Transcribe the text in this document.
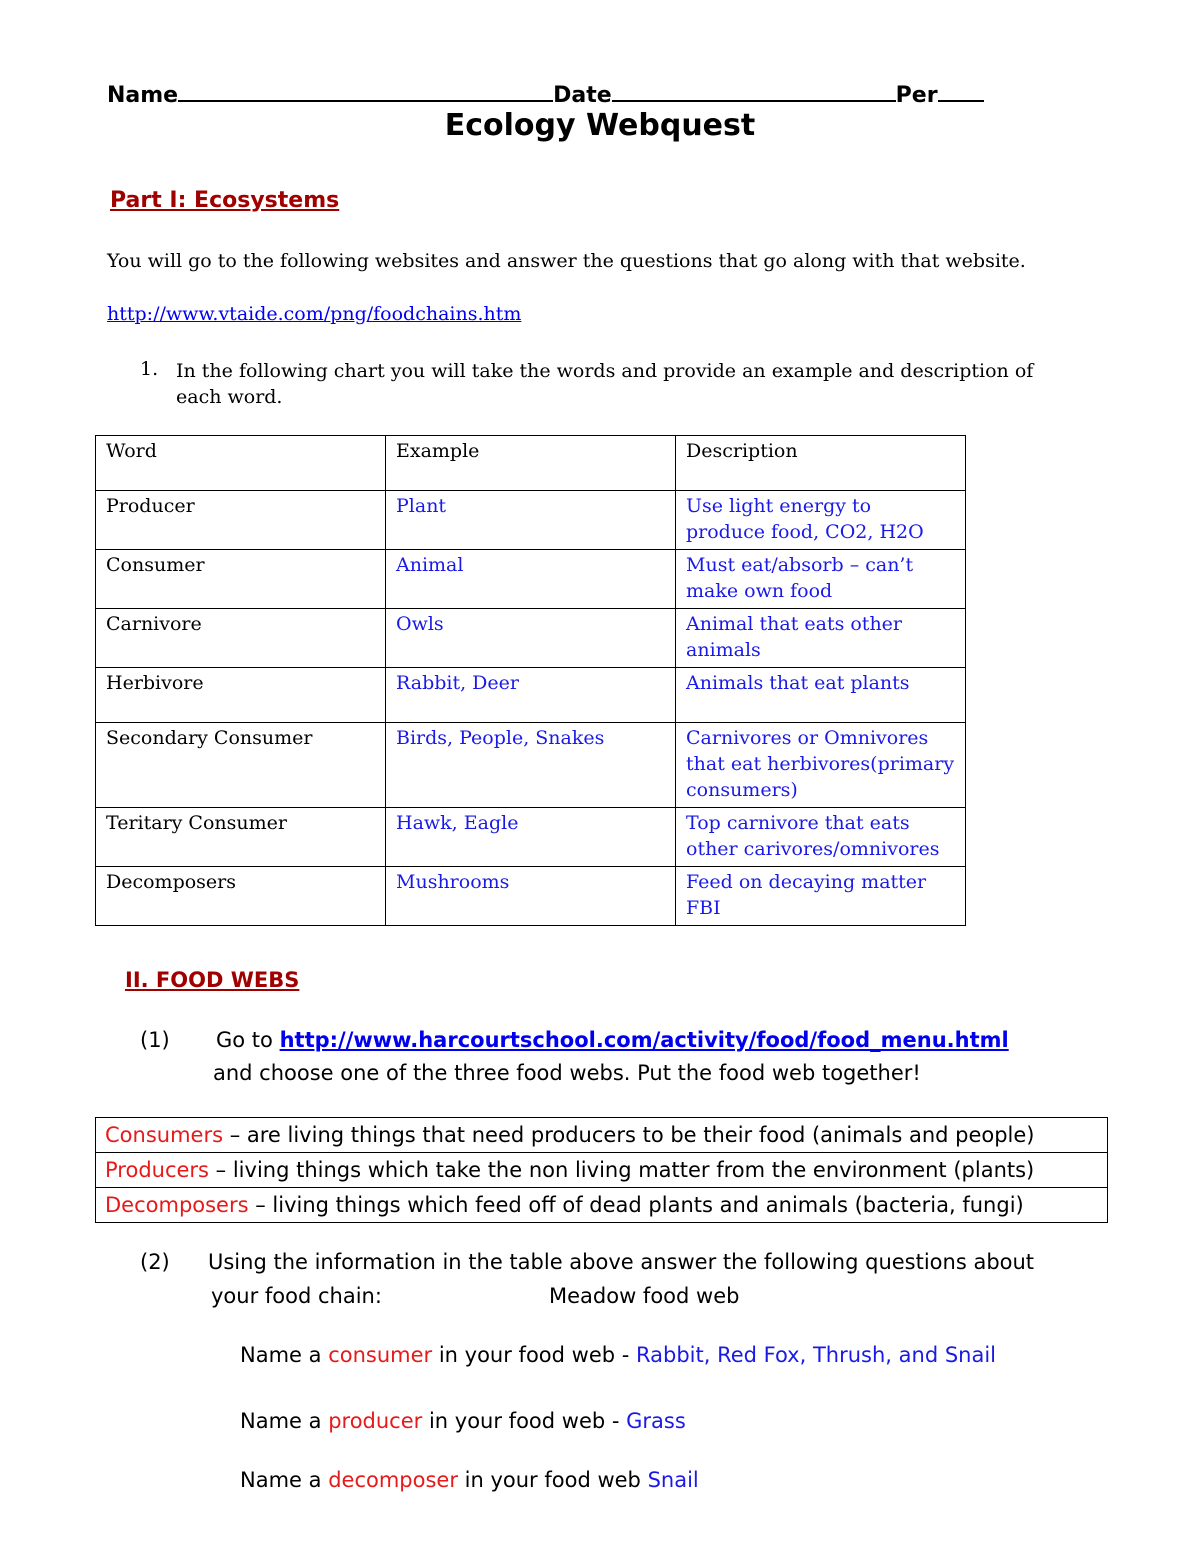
Name	Date	Per
Ecology Webquest
Part I: Ecosystems
You will go to the following websites and answer the questions that go along with that website.
http://www.vtaide.com/png/foodchains.htm
1. In the following chart you will take the words and provide an example and description of each word.
Word	Example	Description
Producer	Plant	Use light energy to produce food, CO2, H2O
Consumer	Animal	Must eat/absorb – can’t make own food
Carnivore	Owls	Animal that eats other animals
Herbivore	Rabbit, Deer	Animals that eat plants
Secondary Consumer	Birds, People, Snakes	Carnivores or Omnivores that eat herbivores(primary consumers)
Teritary Consumer	Hawk, Eagle	Top carnivore that eats other carivores/omnivores
Decomposers	Mushrooms	Feed on decaying matter FBI
II. FOOD WEBS
(1) Go to http://www.harcourtschool.com/activity/food/food_menu.html
and choose one of the three food webs. Put the food web together!
Consumers – are living things that need producers to be their food (animals and people)
Producers – living things which take the non living matter from the environment (plants)
Decomposers – living things which feed off of dead plants and animals (bacteria, fungi)
(2) Using the information in the table above answer the following questions about
your food chain:	Meadow food web
Name a consumer in your food web - Rabbit, Red Fox, Thrush, and Snail
Name a producer in your food web - Grass
Name a decomposer in your food web Snail
